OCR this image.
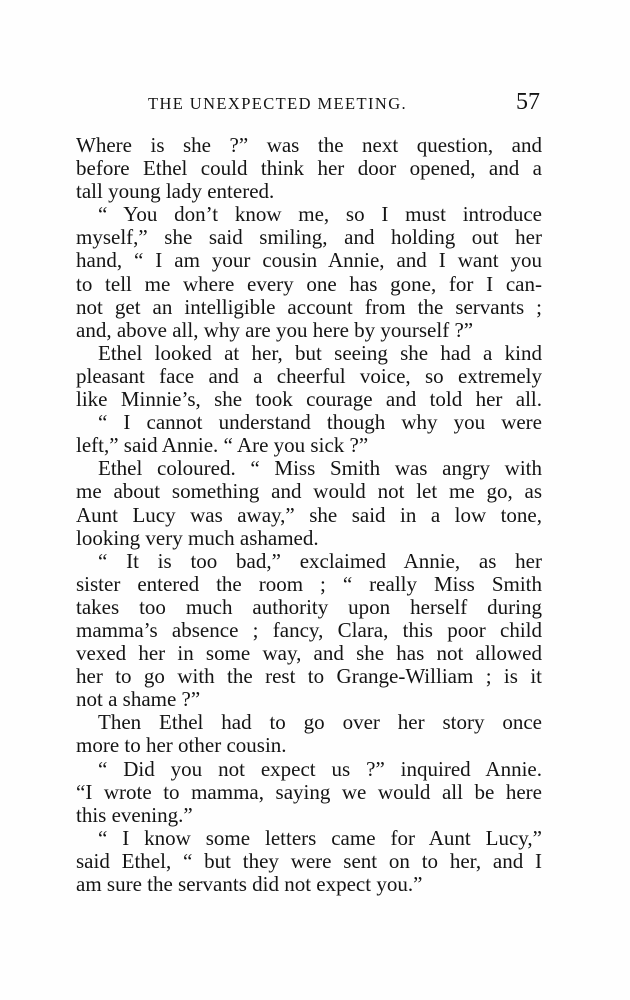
THE UNEXPECTED MEETING.	57
Where is she ?” was the next question, and
before Ethel could think her door opened, and a
tall young lady entered.
“ You don’t know me, so I must introduce
myself,” she said smiling, and holding out her
hand, “ I am your cousin Annie, and I want you
to tell me where every one has gone, for I can-
not get an intelligible account from the servants ;
and, above all, why are you here by yourself ?”
Ethel looked at her, but seeing she had a kind
pleasant face and a cheerful voice, so extremely
like Minnie’s, she took courage and told her all.
“ I cannot understand though why you were
left,” said Annie. “ Are you sick ?”
Ethel coloured. “ Miss Smith was angry with
me about something and would not let me go, as
Aunt Lucy was away,” she said in a low tone,
looking very much ashamed.
“ It is too bad,” exclaimed Annie, as her
sister entered the room ; “ really Miss Smith
takes too much authority upon herself during
mamma’s absence ; fancy, Clara, this poor child
vexed her in some way, and she has not allowed
her to go with the rest to Grange-William ; is it
not a shame ?”
Then Ethel had to go over her story once
more to her other cousin.
“ Did you not expect us ?” inquired Annie.
“I wrote to mamma, saying we would all be here
this evening.”
“ I know some letters came for Aunt Lucy,”
said Ethel, “ but they were sent on to her, and I
am sure the servants did not expect you.”
